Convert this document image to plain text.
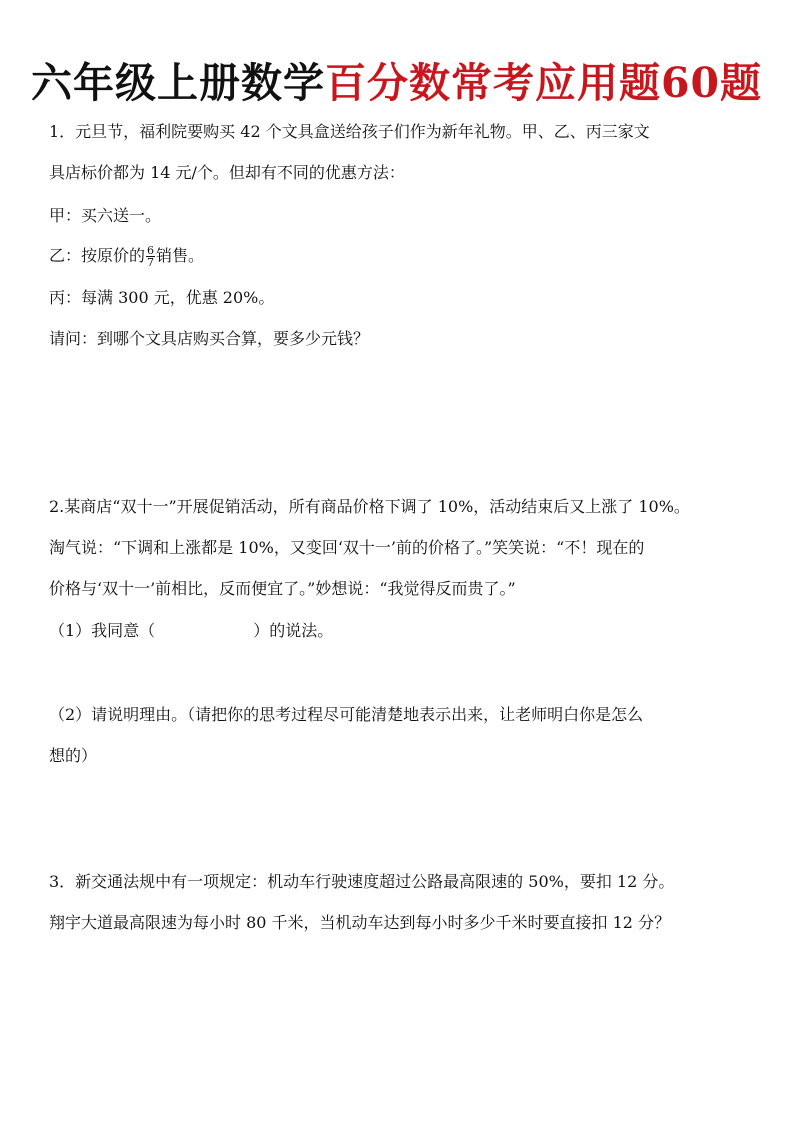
六年级上册数学百分数常考应用题60题
1．元旦节，福利院要购买 42 个文具盒送给孩子们作为新年礼物。甲、乙、丙三家文
具店标价都为 14 元/个。但却有不同的优惠方法：
甲：买六送一。
乙：按原价的 $\frac{6}{7}$ 销售。
丙：每满 300 元，优惠 20%。
请问：到哪个文具店购买合算，要多少元钱？
2.某商店“双十一”开展促销活动，所有商品价格下调了 10%，活动结束后又上涨了 10%。
淘气说：“下调和上涨都是 10%，又变回‘双十一’前的价格了。”笑笑说：“不！现在的
价格与‘双十一’前相比，反而便宜了。”妙想说：“我觉得反而贵了。”
（1）我同意（	）的说法。
（2）请说明理由。（请把你的思考过程尽可能清楚地表示出来，让老师明白你是怎么
想的）
3．新交通法规中有一项规定：机动车行驶速度超过公路最高限速的 50%，要扣 12 分。
翔宇大道最高限速为每小时 80 千米，当机动车达到每小时多少千米时要直接扣 12 分？
